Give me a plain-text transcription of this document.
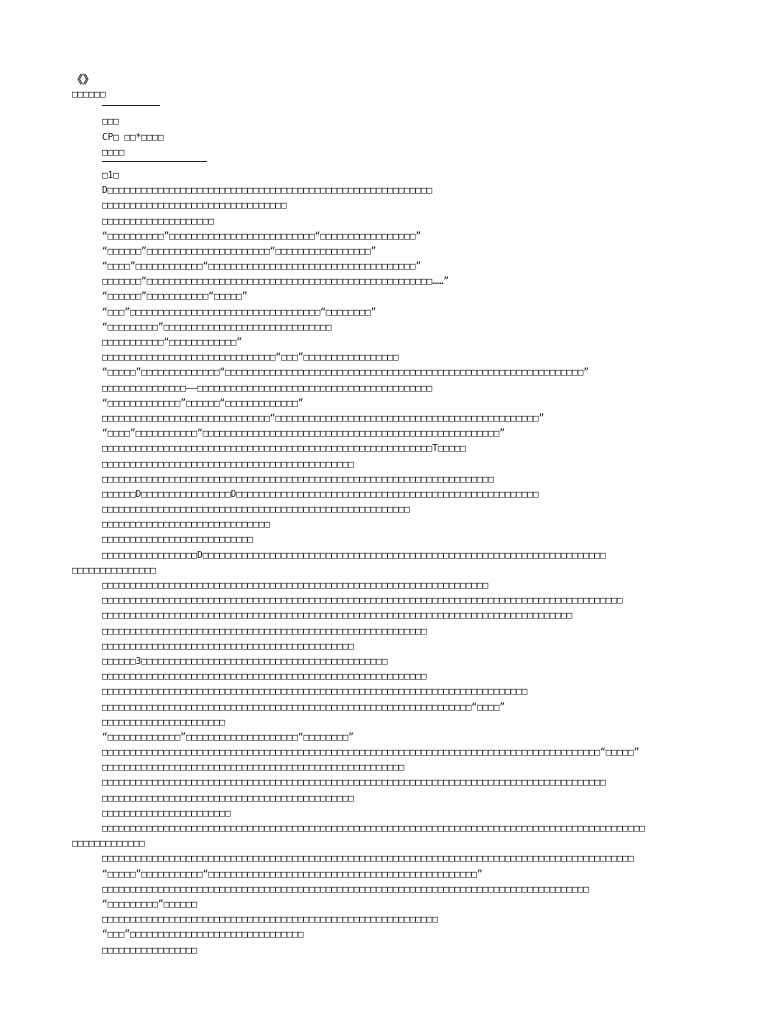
《》
□□□□□□
□□□
CP□ □□*□□□□
□□□□
□1□
D□□□□□□□□□□□□□□□□□□□□□□□□□□□□□□□□□□□□□□□□□□□□□□□□□□□□□□□□□□
□□□□□□□□□□□□□□□□□□□□□□□□□□□□□□□□□
□□□□□□□□□□□□□□□□□□□□
“□□□□□□□□□□”□□□□□□□□□□□□□□□□□□□□□□□□□□“□□□□□□□□□□□□□□□□□”
“□□□□□□”□□□□□□□□□□□□□□□□□□□□□□“□□□□□□□□□□□□□□□□□”
“□□□□”□□□□□□□□□□□□“□□□□□□□□□□□□□□□□□□□□□□□□□□□□□□□□□□□□□”
□□□□□□□“□□□□□□□□□□□□□□□□□□□□□□□□□□□□□□□□□□□□□□□□□□□□□□□□□□□……”
“□□□□□□”□□□□□□□□□□□“□□□□□”
“□□□”□□□□□□□□□□□□□□□□□□□□□□□□□□□□□□□□□□“□□□□□□□□”
“□□□□□□□□□”□□□□□□□□□□□□□□□□□□□□□□□□□□□□□□
□□□□□□□□□□□“□□□□□□□□□□□□”
□□□□□□□□□□□□□□□□□□□□□□□□□□□□□□□“□□□”□□□□□□□□□□□□□□□□□
“□□□□□”□□□□□□□□□□□□□□“□□□□□□□□□□□□□□□□□□□□□□□□□□□□□□□□□□□□□□□□□□□□□□□□□□□□□□□□□□□□□□□□”
□□□□□□□□□□□□□□□——□□□□□□□□□□□□□□□□□□□□□□□□□□□□□□□□□□□□□□□□□□
“□□□□□□□□□□□□□”□□□□□□“□□□□□□□□□□□□□”
□□□□□□□□□□□□□□□□□□□□□□□□□□□□□□“□□□□□□□□□□□□□□□□□□□□□□□□□□□□□□□□□□□□□□□□□□□□□□□”
“□□□□”□□□□□□□□□□□“□□□□□□□□□□□□□□□□□□□□□□□□□□□□□□□□□□□□□□□□□□□□□□□□□□□□□”
□□□□□□□□□□□□□□□□□□□□□□□□□□□□□□□□□□□□□□□□□□□□□□□□□□□□□□□□□□□T□□□□□
□□□□□□□□□□□□□□□□□□□□□□□□□□□□□□□□□□□□□□□□□□□□□
□□□□□□□□□□□□□□□□□□□□□□□□□□□□□□□□□□□□□□□□□□□□□□□□□□□□□□□□□□□□□□□□□□□□□□
□□□□□□D□□□□□□□□□□□□□□□□D□□□□□□□□□□□□□□□□□□□□□□□□□□□□□□□□□□□□□□□□□□□□□□□□□□□□□□
□□□□□□□□□□□□□□□□□□□□□□□□□□□□□□□□□□□□□□□□□□□□□□□□□□□□□□□
□□□□□□□□□□□□□□□□□□□□□□□□□□□□□□
□□□□□□□□□□□□□□□□□□□□□□□□□□□
□□□□□□□□□□□□□□□□□D□□□□□□□□□□□□□□□□□□□□□□□□□□□□□□□□□□□□□□□□□□□□□□□□□□□□□□□□□□□□□□□□□□□□□□□□
□□□□□□□□□□□□□□□
□□□□□□□□□□□□□□□□□□□□□□□□□□□□□□□□□□□□□□□□□□□□□□□□□□□□□□□□□□□□□□□□□□□□□
□□□□□□□□□□□□□□□□□□□□□□□□□□□□□□□□□□□□□□□□□□□□□□□□□□□□□□□□□□□□□□□□□□□□□□□□□□□□□□□□□□□□□□□□□□□□□
□□□□□□□□□□□□□□□□□□□□□□□□□□□□□□□□□□□□□□□□□□□□□□□□□□□□□□□□□□□□□□□□□□□□□□□□□□□□□□□□□□□□
□□□□□□□□□□□□□□□□□□□□□□□□□□□□□□□□□□□□□□□□□□□□□□□□□□□□□□□□□□
□□□□□□□□□□□□□□□□□□□□□□□□□□□□□□□□□□□□□□□□□□□□□
□□□□□□3□□□□□□□□□□□□□□□□□□□□□□□□□□□□□□□□□□□□□□□□□□□□
□□□□□□□□□□□□□□□□□□□□□□□□□□□□□□□□□□□□□□□□□□□□□□□□□□□□□□□□□□
□□□□□□□□□□□□□□□□□□□□□□□□□□□□□□□□□□□□□□□□□□□□□□□□□□□□□□□□□□□□□□□□□□□□□□□□□□□□
□□□□□□□□□□□□□□□□□□□□□□□□□□□□□□□□□□□□□□□□□□□□□□□□□□□□□□□□□□□□□□□□□□“□□□□”
□□□□□□□□□□□□□□□□□□□□□□
“□□□□□□□□□□□□□”□□□□□□□□□□□□□□□□□□□□“□□□□□□□□”
□□□□□□□□□□□□□□□□□□□□□□□□□□□□□□□□□□□□□□□□□□□□□□□□□□□□□□□□□□□□□□□□□□□□□□□□□□□□□□□□□□□□□□□□□“□□□□□”
□□□□□□□□□□□□□□□□□□□□□□□□□□□□□□□□□□□□□□□□□□□□□□□□□□□□□□
□□□□□□□□□□□□□□□□□□□□□□□□□□□□□□□□□□□□□□□□□□□□□□□□□□□□□□□□□□□□□□□□□□□□□□□□□□□□□□□□□□□□□□□□□□
□□□□□□□□□□□□□□□□□□□□□□□□□□□□□□□□□□□□□□□□□□□□□
□□□□□□□□□□□□□□□□□□□□□□□
□□□□□□□□□□□□□□□□□□□□□□□□□□□□□□□□□□□□□□□□□□□□□□□□□□□□□□□□□□□□□□□□□□□□□□□□□□□□□□□□□□□□□□□□□□□□□□□□□
□□□□□□□□□□□□□
□□□□□□□□□□□□□□□□□□□□□□□□□□□□□□□□□□□□□□□□□□□□□□□□□□□□□□□□□□□□□□□□□□□□□□□□□□□□□□□□□□□□□□□□□□□□□□□
“□□□□□”□□□□□□□□□□□“□□□□□□□□□□□□□□□□□□□□□□□□□□□□□□□□□□□□□□□□□□□□□□□□”
□□□□□□□□□□□□□□□□□□□□□□□□□□□□□□□□□□□□□□□□□□□□□□□□□□□□□□□□□□□□□□□□□□□□□□□□□□□□□□□□□□□□□□□
“□□□□□□□□□”□□□□□□
□□□□□□□□□□□□□□□□□□□□□□□□□□□□□□□□□□□□□□□□□□□□□□□□□□□□□□□□□□□□
“□□□”□□□□□□□□□□□□□□□□□□□□□□□□□□□□□□□
□□□□□□□□□□□□□□□□□
